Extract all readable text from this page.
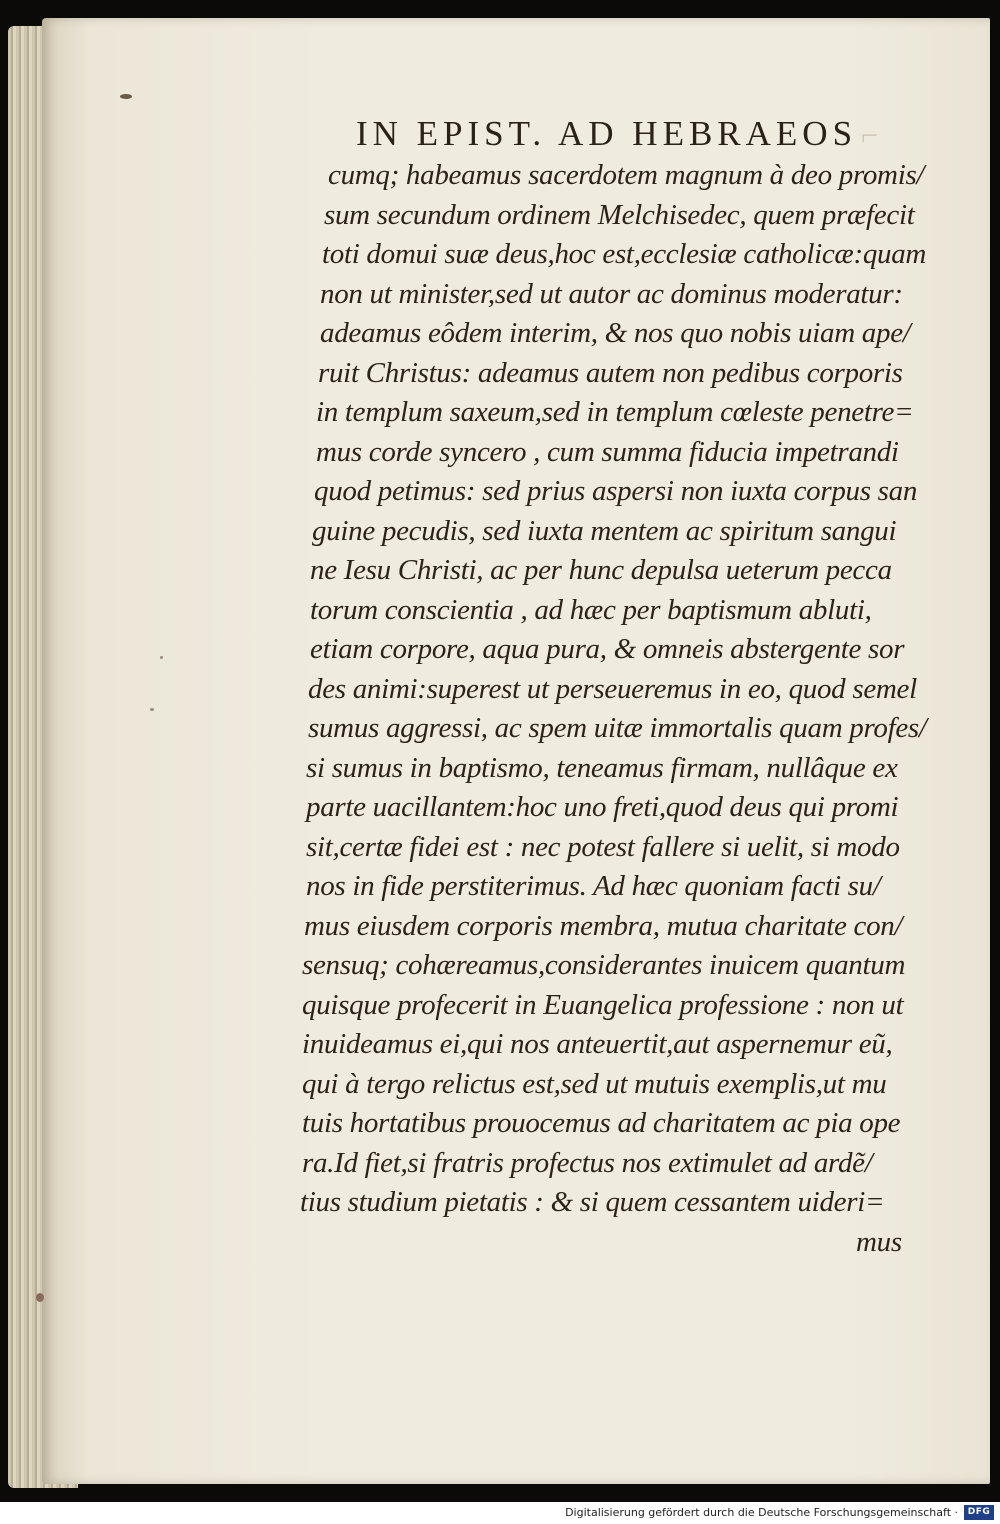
IN EPIST. AD HEBRAEOS ⌐
cumq; habeamus sacerdotem magnum à deo promis/
sum secundum ordinem Melchisedec, quem præfecit
toti domui suæ deus,hoc est,ecclesiæ catholicæ:quam
non ut minister,sed ut autor ac dominus moderatur:
adeamus eôdem interim, & nos quo nobis uiam ape/
ruit Christus: adeamus autem non pedibus corporis
in templum saxeum,sed in templum cœleste penetre=
mus corde syncero , cum summa fiducia impetrandi
quod petimus: sed prius aspersi non iuxta corpus san
guine pecudis, sed iuxta mentem ac spiritum sangui
ne Iesu Christi, ac per hunc depulsa ueterum pecca
torum conscientia , ad hæc per baptismum abluti,
etiam corpore, aqua pura, & omneis abstergente sor
des animi:superest ut perseueremus in eo, quod semel
sumus aggressi, ac spem uitæ immortalis quam profes/
si sumus in baptismo, teneamus firmam, nullâque ex
parte uacillantem:hoc uno freti,quod deus qui promi
sit,certæ fidei est : nec potest fallere si uelit, si modo
nos in fide perstiterimus. Ad hæc quoniam facti su/
mus eiusdem corporis membra, mutua charitate con/
sensuq; cohæreamus,considerantes inuicem quantum
quisque profecerit in Euangelica professione : non ut
inuideamus ei,qui nos anteuertit,aut aspernemur eũ,
qui à tergo relictus est,sed ut mutuis exemplis,ut mu
tuis hortatibus prouocemus ad charitatem ac pia ope
ra.Id fiet,si fratris profectus nos extimulet ad ardẽ/
tius studium pietatis : & si quem cessantem uideri=
mus
Digitalisierung gefördert durch die Deutsche Forschungsgemeinschaft ·	DFG
